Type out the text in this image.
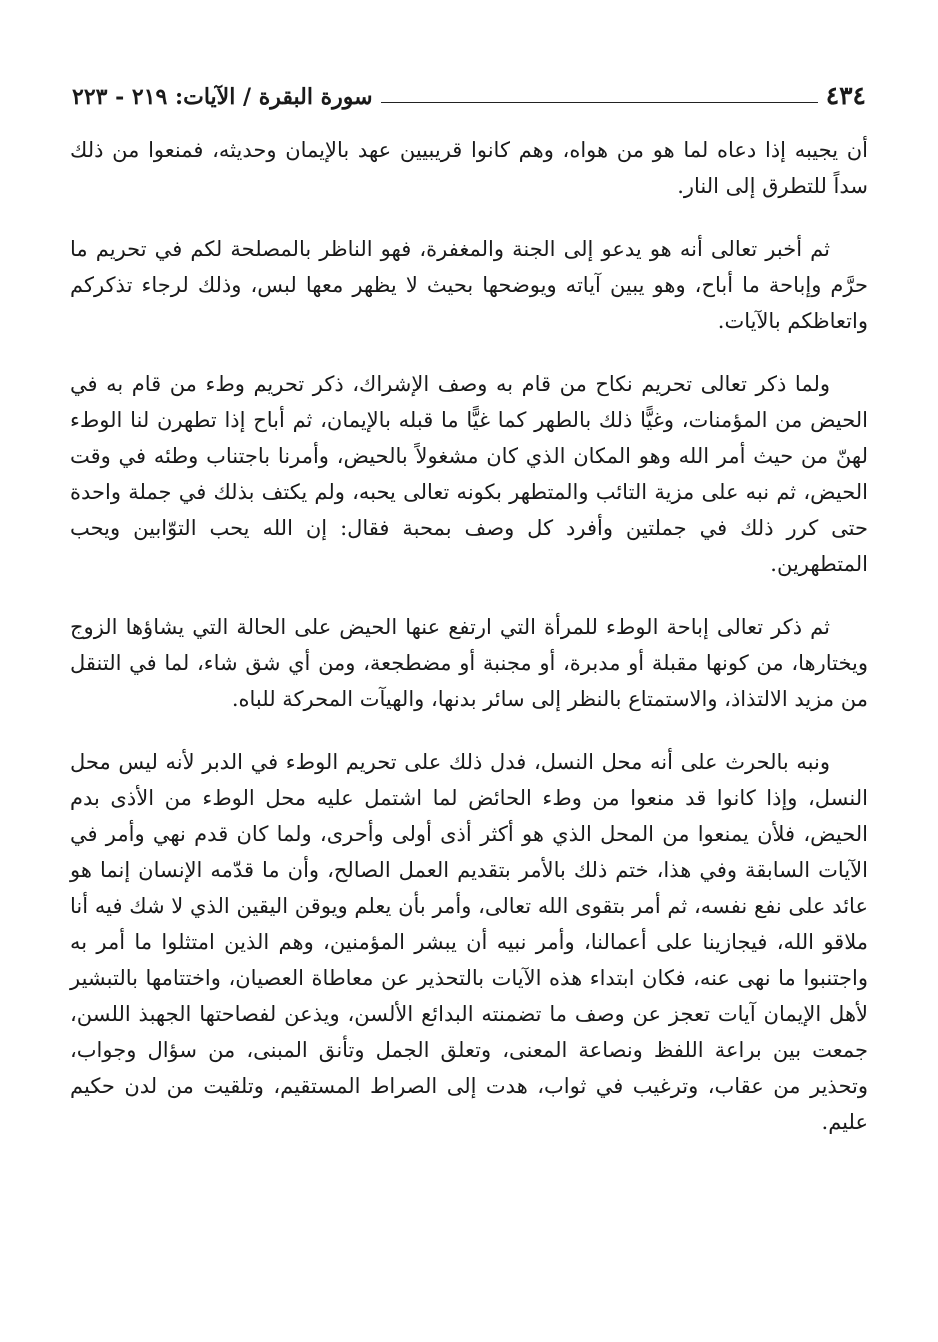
٤٣٤
سورة البقرة / الآيات: ٢١٩ - ٢٢٣

أن يجيبه إذا دعاه لما هو من هواه، وهم كانوا قريبيين عهد بالإيمان وحديثه، فمنعوا من ذلك سداً للتطرق إلى النار.

ثم أخبر تعالى أنه هو يدعو إلى الجنة والمغفرة، فهو الناظر بالمصلحة لكم في تحريم ما حرَّم وإباحة ما أباح، وهو يبين آياته ويوضحها بحيث لا يظهر معها لبس، وذلك لرجاء تذكركم واتعاظكم بالآيات.

ولما ذكر تعالى تحريم نكاح من قام به وصف الإشراك، ذكر تحريم وطء من قام به في الحيض من المؤمنات، وغيًّا ذلك بالطهر كما غيًّا ما قبله بالإيمان، ثم أباح إذا تطهرن لنا الوطء لهنّ من حيث أمر الله وهو المكان الذي كان مشغولاً بالحيض، وأمرنا باجتناب وطئه في وقت الحيض، ثم نبه على مزية التائب والمتطهر بكونه تعالى يحبه، ولم يكتف بذلك في جملة واحدة حتى كرر ذلك في جملتين وأفرد كل وصف بمحبة فقال: إن الله يحب التوّابين ويحب المتطهرين.

ثم ذكر تعالى إباحة الوطء للمرأة التي ارتفع عنها الحيض على الحالة التي يشاؤها الزوج ويختارها، من كونها مقبلة أو مدبرة، أو مجنبة أو مضطجعة، ومن أي شق شاء، لما في التنقل من مزيد الالتذاذ، والاستمتاع بالنظر إلى سائر بدنها، والهيآت المحركة للباه.

ونبه بالحرث على أنه محل النسل، فدل ذلك على تحريم الوطء في الدبر لأنه ليس محل النسل، وإذا كانوا قد منعوا من وطء الحائض لما اشتمل عليه محل الوطء من الأذى بدم الحيض، فلأن يمنعوا من المحل الذي هو أكثر أذى أولى وأحرى، ولما كان قدم نهي وأمر في الآيات السابقة وفي هذا، ختم ذلك بالأمر بتقديم العمل الصالح، وأن ما قدّمه الإنسان إنما هو عائد على نفع نفسه، ثم أمر بتقوى الله تعالى، وأمر بأن يعلم ويوقن اليقين الذي لا شك فيه أنا ملاقو الله، فيجازينا على أعمالنا، وأمر نبيه أن يبشر المؤمنين، وهم الذين امتثلوا ما أمر به واجتنبوا ما نهى عنه، فكان ابتداء هذه الآيات بالتحذير عن معاطاة العصيان، واختتامها بالتبشير لأهل الإيمان آيات تعجز عن وصف ما تضمنته البدائع الألسن، ويذعن لفصاحتها الجهبذ اللسن، جمعت بين براعة اللفظ ونصاعة المعنى، وتعلق الجمل وتأنق المبنى، من سؤال وجواب، وتحذير من عقاب، وترغيب في ثواب، هدت إلى الصراط المستقيم، وتلقيت من لدن حكيم عليم.
